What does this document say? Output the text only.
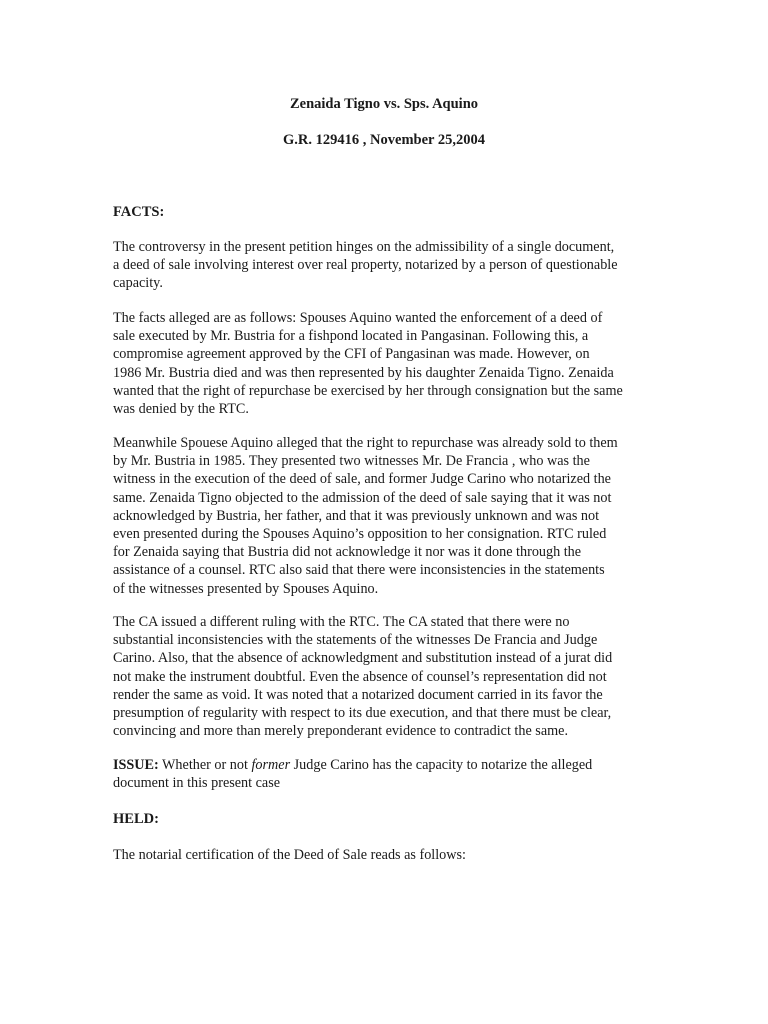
Zenaida Tigno vs. Sps. Aquino
G.R. 129416 , November 25,2004
FACTS:
The controversy in the present petition hinges on the admissibility of a single document,
a deed of sale involving interest over real property, notarized by a person of questionable
capacity.
The facts alleged are as follows: Spouses Aquino wanted the enforcement of a deed of
sale executed by Mr. Bustria for a fishpond located in Pangasinan. Following this, a
compromise agreement approved by the CFI of Pangasinan was made. However, on
1986 Mr. Bustria died and was then represented by his daughter Zenaida Tigno. Zenaida
wanted that the right of repurchase be exercised by her through consignation but the same
was denied by the RTC.
Meanwhile Spouese Aquino alleged that the right to repurchase was already sold to them
by Mr. Bustria in 1985. They presented two witnesses Mr. De Francia , who was the
witness in the execution of the deed of sale, and former Judge Carino who notarized the
same. Zenaida Tigno objected to the admission of the deed of sale saying that it was not
acknowledged by Bustria, her father, and that it was previously unknown and was not
even presented during the Spouses Aquino’s opposition to her consignation. RTC ruled
for Zenaida saying that Bustria did not acknowledge it nor was it done through the
assistance of a counsel. RTC also said that there were inconsistencies in the statements
of the witnesses presented by Spouses Aquino.
The CA issued a different ruling with the RTC. The CA stated that there were no
substantial inconsistencies with the statements of the witnesses De Francia and Judge
Carino. Also, that the absence of acknowledgment and substitution instead of a jurat did
not make the instrument doubtful. Even the absence of counsel’s representation did not
render the same as void. It was noted that a notarized document carried in its favor the
presumption of regularity with respect to its due execution, and that there must be clear,
convincing and more than merely preponderant evidence to contradict the same.
ISSUE: Whether or not former Judge Carino has the capacity to notarize the alleged
document in this present case
HELD:
The notarial certification of the Deed of Sale reads as follows:
